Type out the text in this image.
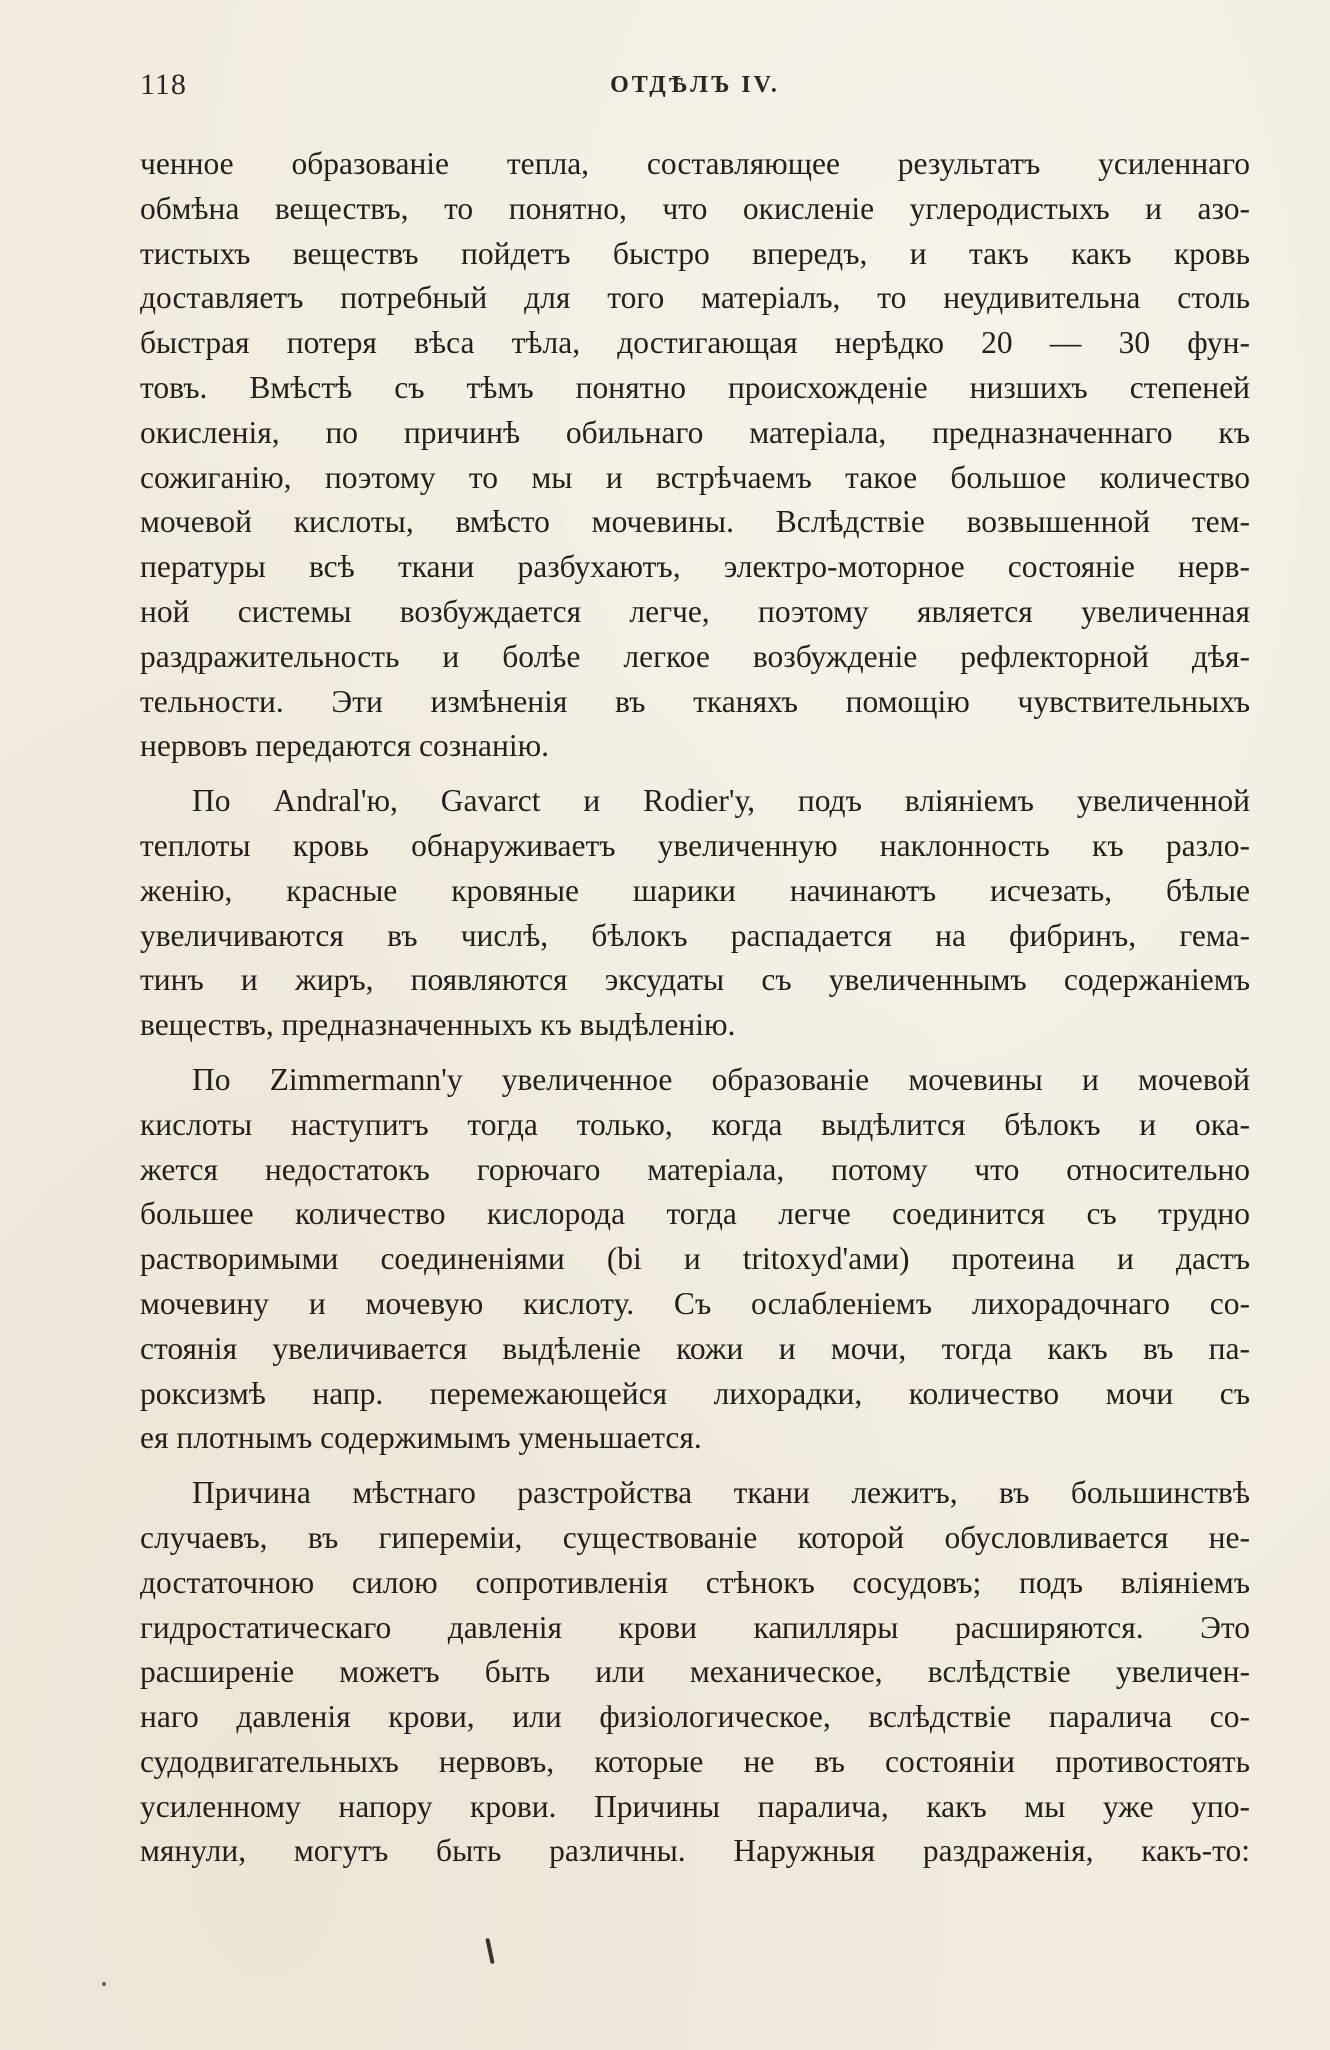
118	ОТДѢЛЪ IV.
ченное образованіе тепла, составляющее результатъ усиленнаго
обмѣна веществъ, то понятно, что окисленіе углеродистыхъ и азо-
тистыхъ веществъ пойдетъ быстро впередъ, и такъ какъ кровь
доставляетъ потребный для того матеріалъ, то неудивительна столь
быстрая потеря вѣса тѣла, достигающая нерѣдко 20 — 30 фун-
товъ. Вмѣстѣ съ тѣмъ понятно происхожденіе низшихъ степеней
окисленія, по причинѣ обильнаго матеріала, предназначеннаго къ
сожиганію, поэтому то мы и встрѣчаемъ такое большое количество
мочевой кислоты, вмѣсто мочевины. Вслѣдствіе возвышенной тем-
пературы всѣ ткани разбухаютъ, электро-моторное состояніе нерв-
ной системы возбуждается легче, поэтому является увеличенная
раздражительность и болѣе легкое возбужденіе рефлекторной дѣя-
тельности. Эти измѣненія въ тканяхъ помощію чувствительныхъ
нервовъ передаются сознанію.
По Andral'ю, Gavarct и Rodier'у, подъ вліяніемъ увеличенной
теплоты кровь обнаруживаетъ увеличенную наклонность къ разло-
женію, красные кровяные шарики начинаютъ исчезать, бѣлые
увеличиваются въ числѣ, бѣлокъ распадается на фибринъ, гема-
тинъ и жиръ, появляются эксудаты съ увеличеннымъ содержаніемъ
веществъ, предназначенныхъ къ выдѣленію.
По Zimmermann'у увеличенное образованіе мочевины и мочевой
кислоты наступитъ тогда только, когда выдѣлится бѣлокъ и ока-
жется недостатокъ горючаго матеріала, потому что относительно
большее количество кислорода тогда легче соединится съ трудно
растворимыми соединеніями (bi и tritoxyd'ами) протеина и дастъ
мочевину и мочевую кислоту. Съ ослабленіемъ лихорадочнаго со-
стоянія увеличивается выдѣленіе кожи и мочи, тогда какъ въ па-
роксизмѣ напр. перемежающейся лихорадки, количество мочи съ
ея плотнымъ содержимымъ уменьшается.
Причина мѣстнаго разстройства ткани лежитъ, въ большинствѣ
случаевъ, въ гипереміи, существованіе которой обусловливается не-
достаточною силою сопротивленія стѣнокъ сосудовъ; подъ вліяніемъ
гидростатическаго давленія крови капилляры расширяются. Это
расширеніе можетъ быть или механическое, вслѣдствіе увеличен-
наго давленія крови, или физіологическое, вслѣдствіе паралича со-
судодвигательныхъ нервовъ, которые не въ состояніи противостоять
усиленному напору крови. Причины паралича, какъ мы уже упо-
мянули, могутъ быть различны. Наружныя раздраженія, какъ-то:
